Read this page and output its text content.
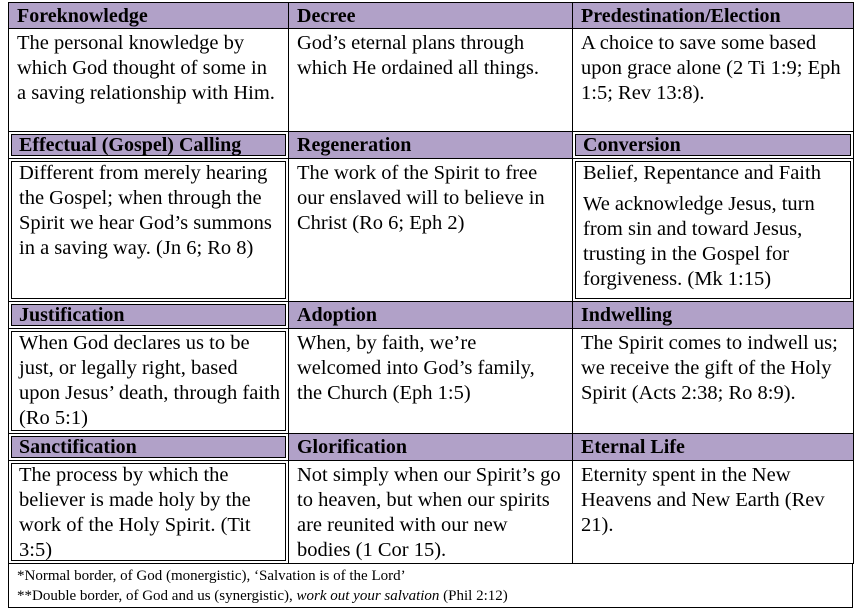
Foreknowledge

The personal knowledge by which God thought of some in a saving relationship with Him.

Decree

God’s eternal plans through which He ordained all things.

Predestination/Election

A choice to save some based upon grace alone (2 Ti 1:9; Eph 1:5; Rev 13:8).

Effectual (Gospel) Calling

Different from merely hearing the Gospel; when through the Spirit we hear God’s summons in a saving way. (Jn 6; Ro 8)

Regeneration

The work of the Spirit to free our enslaved will to believe in Christ (Ro 6; Eph 2)

Conversion

Belief, Repentance and Faith

We acknowledge Jesus, turn from sin and toward Jesus, trusting in the Gospel for forgiveness. (Mk 1:15)

Justification

When God declares us to be just, or legally right, based upon Jesus’ death, through faith (Ro 5:1)

Adoption

When, by faith, we’re welcomed into God’s family, the Church (Eph 1:5)

Indwelling

The Spirit comes to indwell us; we receive the gift of the Holy Spirit (Acts 2:38; Ro 8:9).

Sanctification

The process by which the believer is made holy by the work of the Holy Spirit. (Tit 3:5)

Glorification

Not simply when our Spirit’s go to heaven, but when our spirits are reunited with our new bodies (1 Cor 15).

Eternal Life

Eternity spent in the New Heavens and New Earth (Rev 21).

*Normal border, of God (monergistic), ‘Salvation is of the Lord’
**Double border, of God and us (synergistic), work out your salvation (Phil 2:12)
